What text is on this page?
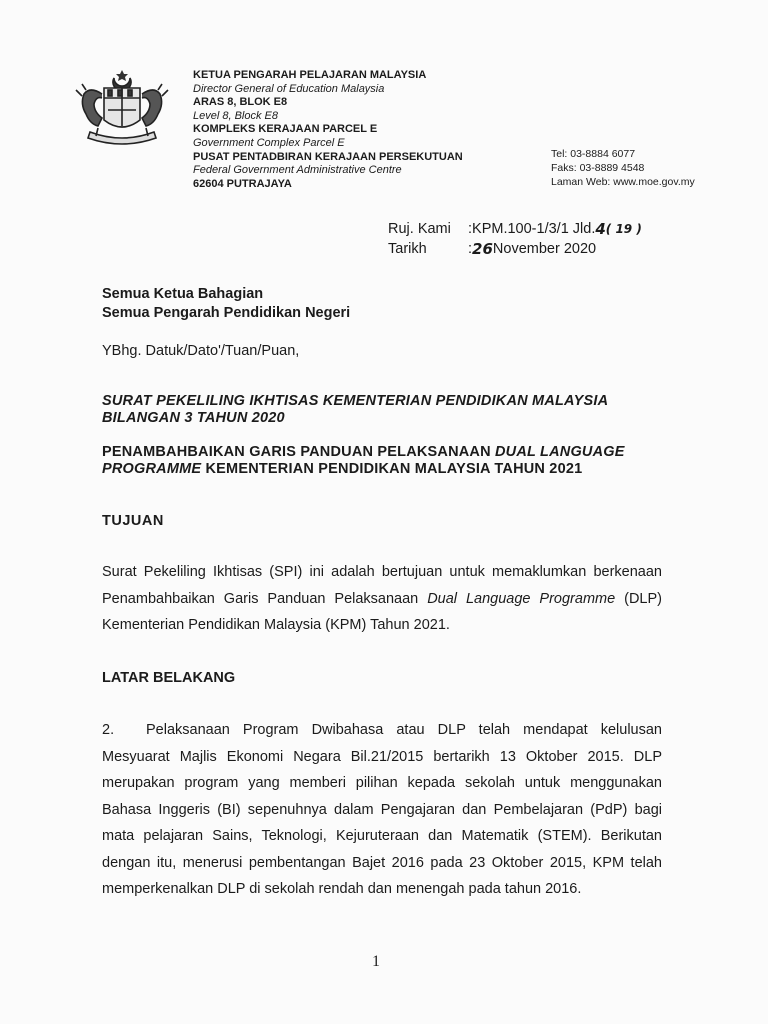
KETUA PENGARAH PELAJARAN MALAYSIA
Director General of Education Malaysia
ARAS 8, BLOK E8
Level 8, Block E8
KOMPLEKS KERAJAAN PARCEL E
Government Complex Parcel E
PUSAT PENTADBIRAN KERAJAAN PERSEKUTUAN
Federal Government Administrative Centre
62604 PUTRAJAYA
Tel: 03-8884 6077
Faks: 03-8889 4548
Laman Web: www.moe.gov.my
Ruj. Kami	: KPM.100-1/3/1 Jld. 4 ( 19 )
Tarikh	: 26 November 2020
Semua Ketua Bahagian
Semua Pengarah Pendidikan Negeri
YBhg. Datuk/Dato'/Tuan/Puan,
SURAT PEKELILING IKHTISAS KEMENTERIAN PENDIDIKAN MALAYSIA
BILANGAN 3 TAHUN 2020
PENAMBAHBAIKAN GARIS PANDUAN PELAKSANAAN DUAL LANGUAGE PROGRAMME KEMENTERIAN PENDIDIKAN MALAYSIA TAHUN 2021
TUJUAN
Surat Pekeliling Ikhtisas (SPI) ini adalah bertujuan untuk memaklumkan berkenaan Penambahbaikan Garis Panduan Pelaksanaan Dual Language Programme (DLP) Kementerian Pendidikan Malaysia (KPM) Tahun 2021.
LATAR BELAKANG
2. Pelaksanaan Program Dwibahasa atau DLP telah mendapat kelulusan Mesyuarat Majlis Ekonomi Negara Bil.21/2015 bertarikh 13 Oktober 2015. DLP merupakan program yang memberi pilihan kepada sekolah untuk menggunakan Bahasa Inggeris (BI) sepenuhnya dalam Pengajaran dan Pembelajaran (PdP) bagi mata pelajaran Sains, Teknologi, Kejuruteraan dan Matematik (STEM). Berikutan dengan itu, menerusi pembentangan Bajet 2016 pada 23 Oktober 2015, KPM telah memperkenalkan DLP di sekolah rendah dan menengah pada tahun 2016.
1
